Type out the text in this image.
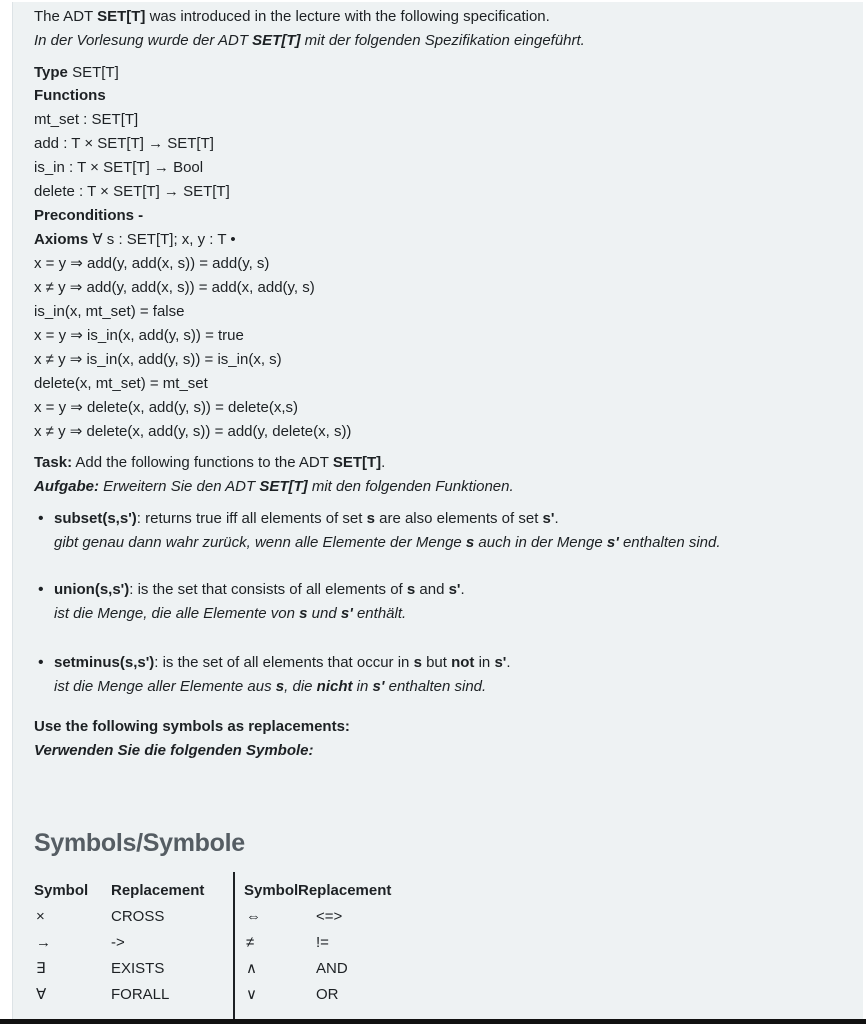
The ADT SET[T] was introduced in the lecture with the following specification.
In der Vorlesung wurde der ADT SET[T] mit der folgenden Spezifikation eingeführt.
Type SET[T]
Functions
mt_set : SET[T]
add : T × SET[T] → SET[T]
is_in : T × SET[T] → Bool
delete : T × SET[T] → SET[T]
Preconditions -
Axioms ∀ s : SET[T]; x, y : T •
x = y ⇒ add(y, add(x, s)) = add(y, s)
x ≠ y ⇒ add(y, add(x, s)) = add(x, add(y, s)
is_in(x, mt_set) = false
x = y ⇒ is_in(x, add(y, s)) = true
x ≠ y ⇒ is_in(x, add(y, s)) = is_in(x, s)
delete(x, mt_set) = mt_set
x = y ⇒ delete(x, add(y, s)) = delete(x,s)
x ≠ y ⇒ delete(x, add(y, s)) = add(y, delete(x, s))
Task: Add the following functions to the ADT SET[T].
Aufgabe: Erweitern Sie den ADT SET[T] mit den folgenden Funktionen.
• subset(s,s'): returns true iff all elements of set s are also elements of set s'.
gibt genau dann wahr zurück, wenn alle Elemente der Menge s auch in der Menge s' enthalten sind.
• union(s,s'): is the set that consists of all elements of s and s'.
ist die Menge, die alle Elemente von s und s' enthält.
• setminus(s,s'): is the set of all elements that occur in s but not in s'.
ist die Menge aller Elemente aus s, die nicht in s' enthalten sind.
Use the following symbols as replacements:
Verwenden Sie die folgenden Symbole:
Symbols/Symbole
Symbol Replacement	Symbol Replacement
×	CROSS	⇔	<=>
→	->	≠	!=
∃	EXISTS	∧	AND
∀	FORALL	∨	OR
